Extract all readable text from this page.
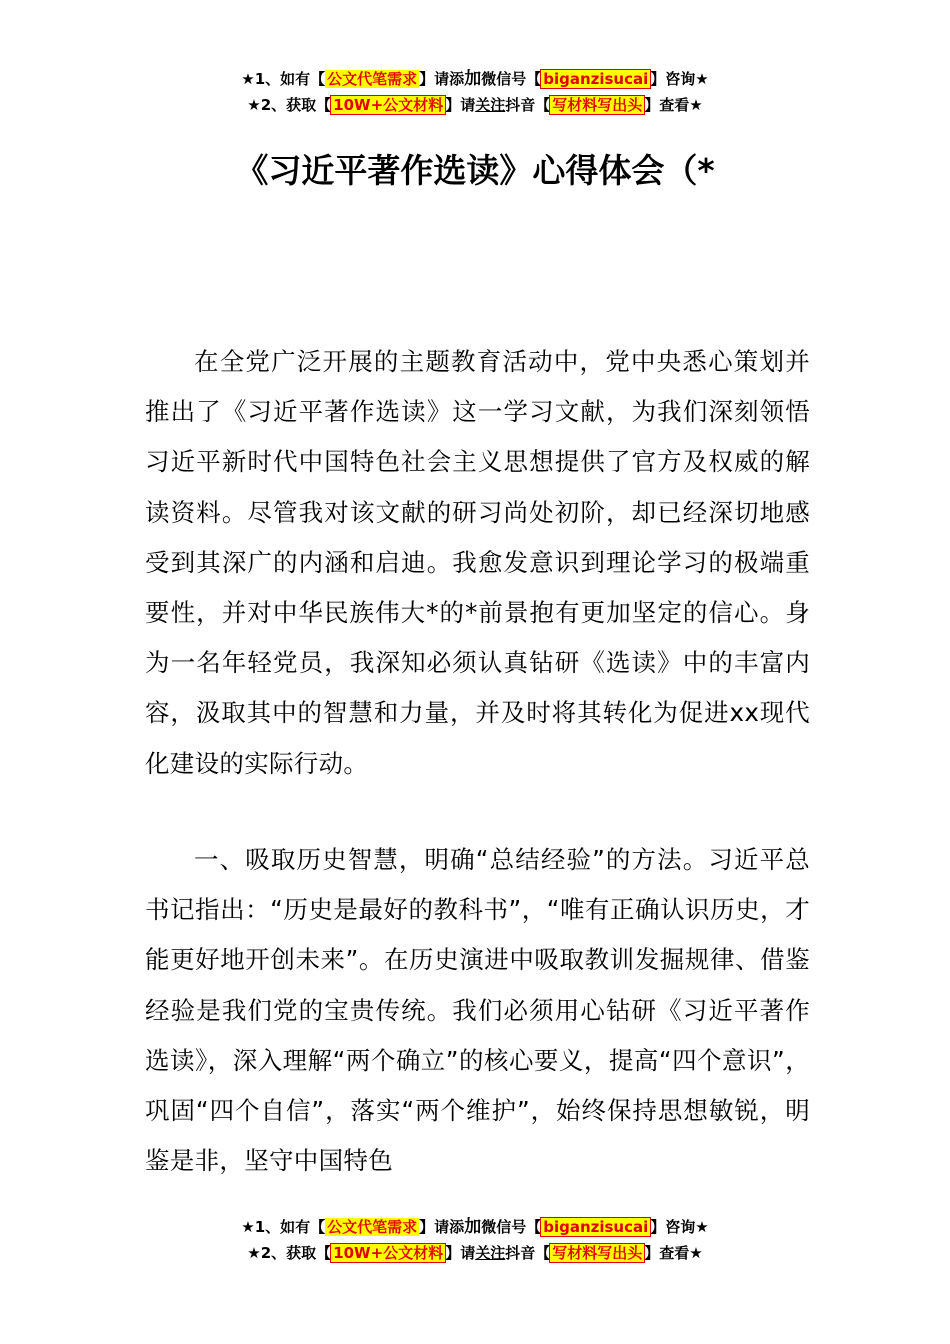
★1、如有【 公文代笔需求 】请添加微信号【 biganzisucai 】咨询★
★2、获取【 10W+公文材料 】请关注抖音【 写材料写出头 】查看★
《习近平著作选读》心得体会（*

在全党广泛开展的主题教育活动中，党中央悉心策划并推出了《习近平著作选读》这一学习文献，为我们深刻领悟习近平新时代中国特色社会主义思想提供了官方及权威的解读资料。尽管我对该文献的研习尚处初阶，却已经深切地感受到其深广的内涵和启迪。我愈发意识到理论学习的极端重要性，并对中华民族伟大*的*前景抱有更加坚定的信心。身为一名年轻党员，我深知必须认真钻研《选读》中的丰富内容，汲取其中的智慧和力量，并及时将其转化为促进xx现代化建设的实际行动。

一、吸取历史智慧，明确“总结经验”的方法。习近平总书记指出：“历史是最好的教科书”，“唯有正确认识历史，才能更好地开创未来”。在历史演进中吸取教训发掘规律、借鉴经验是我们党的宝贵传统。我们必须用心钻研《习近平著作选读》，深入理解“两个确立”的核心要义，提高“四个意识”，巩固“四个自信”，落实“两个维护”，始终保持思想敏锐，明鉴是非，坚守中国特色

★1、如有【 公文代笔需求 】请添加微信号【 biganzisucai 】咨询★
★2、获取【 10W+公文材料 】请关注抖音【 写材料写出头 】查看★
